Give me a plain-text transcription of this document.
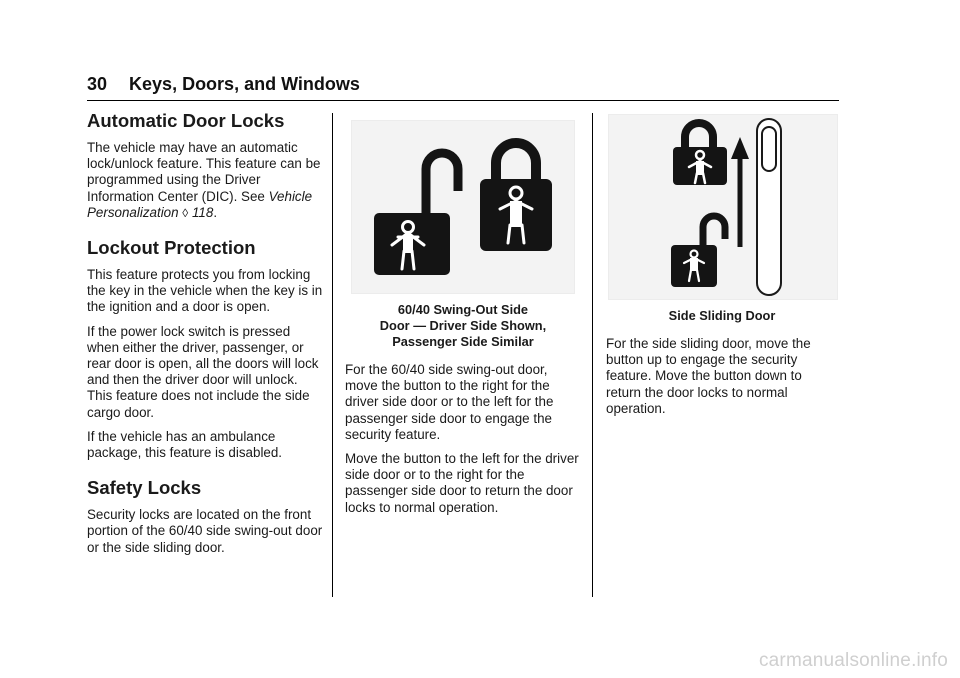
30 Keys, Doors, and Windows
Automatic Door Locks

The vehicle may have an automatic lock/unlock feature. This feature can be programmed using the Driver Information Center (DIC). See Vehicle Personalization ◊ 118.

Lockout Protection

This feature protects you from locking the key in the vehicle when the key is in the ignition and a door is open.

If the power lock switch is pressed when either the driver, passenger, or rear door is open, all the doors will lock and then the driver door will unlock. This feature does not include the side cargo door.

If the vehicle has an ambulance package, this feature is disabled.

Safety Locks

Security locks are located on the front portion of the 60/40 side swing-out door or the side sliding door.

60/40 Swing-Out Side
Door — Driver Side Shown,
Passenger Side Similar

For the 60/40 side swing-out door, move the button to the right for the driver side door or to the left for the passenger side door to engage the security feature.

Move the button to the left for the driver side door or to the right for the passenger side door to return the door locks to normal operation.

Side Sliding Door

For the side sliding door, move the button up to engage the security feature. Move the button down to return the door locks to normal operation.

carmanualsonline.info
